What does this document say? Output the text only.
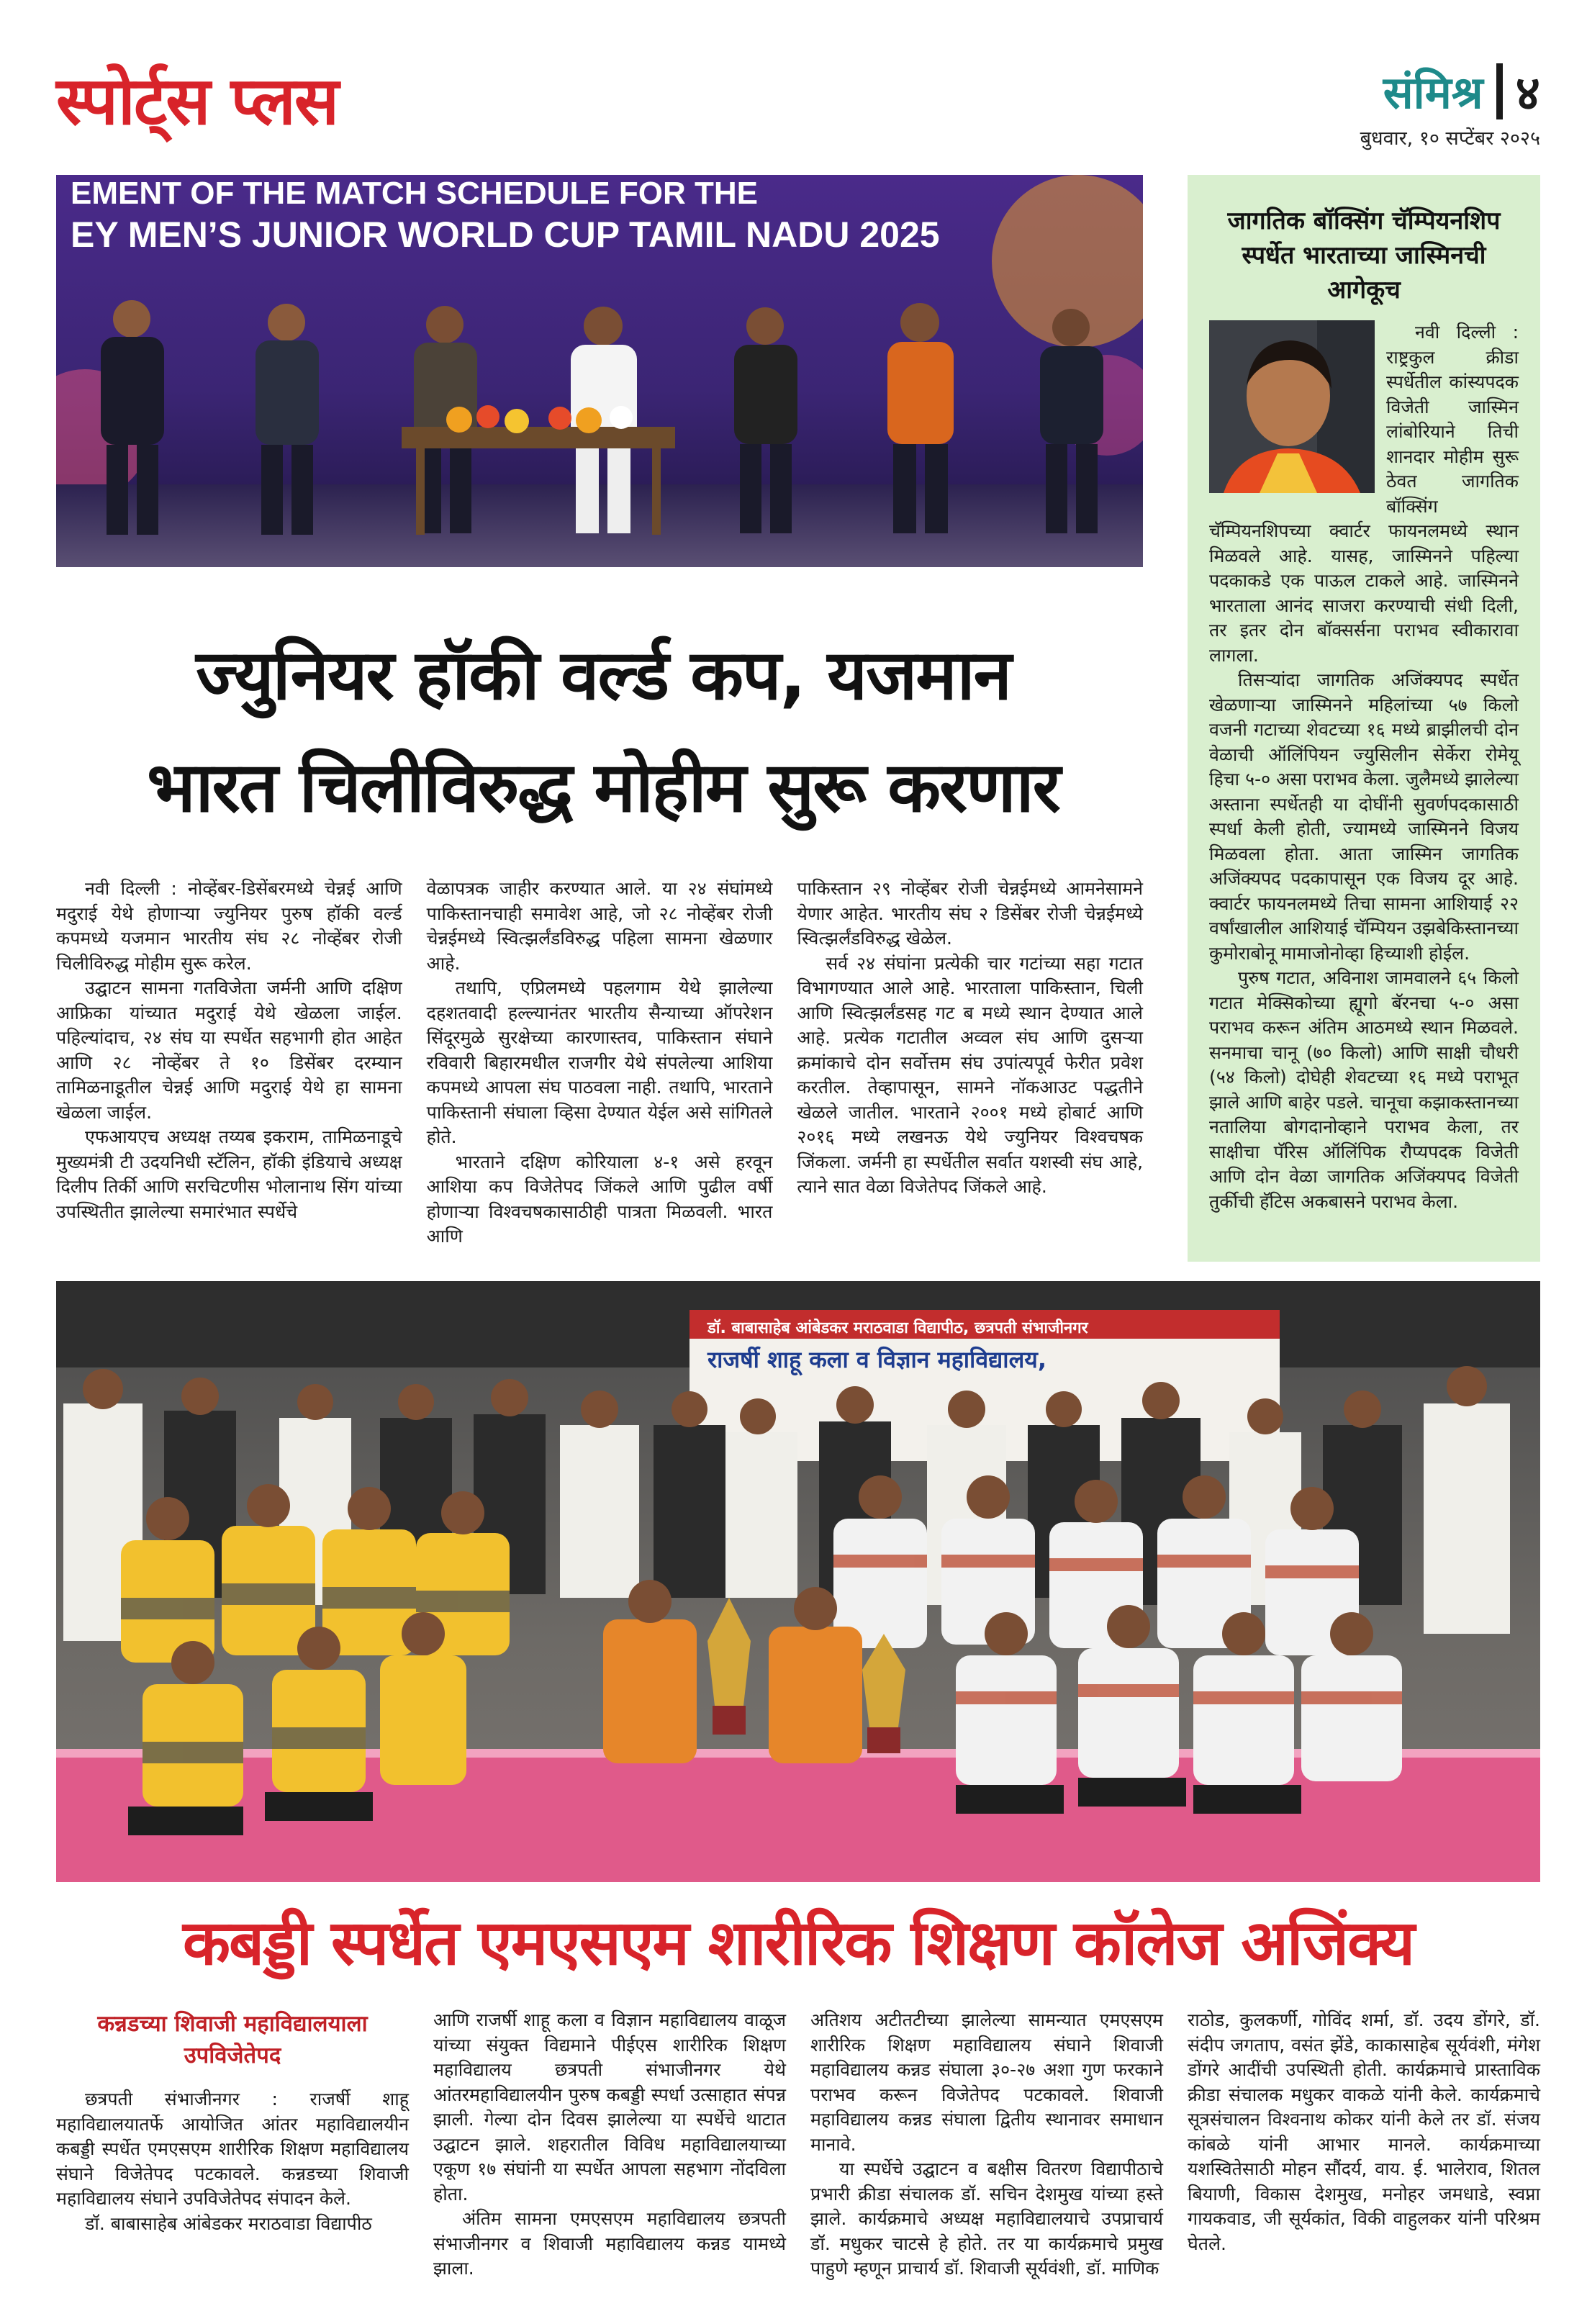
स्पोर्ट्स प्लस	संमिश्र ४
बुधवार, १० सप्टेंबर २०२५
EMENT OF THE MATCH SCHEDULE FOR THE
EY MEN’S JUNIOR WORLD CUP TAMIL NADU 2025	जागतिक बॉक्सिंग चॅम्पियनशिप स्पर्धेत भारताच्या जास्मिनची आगेकूच

नवी दिल्ली : राष्ट्रकुल क्रीडा स्पर्धेतील कांस्यपदक विजेती जास्मिन लांबोरियाने तिची शानदार मोहीम सुरू ठेवत जागतिक बॉक्सिंग चॅम्पियनशिपच्या क्वार्टर फायनलमध्ये स्थान मिळवले आहे. यासह, जास्मिनने पहिल्या पदकाकडे एक पाऊल टाकले आहे. जास्मिनने भारताला आनंद साजरा करण्याची संधी दिली, तर इतर दोन बॉक्सर्सना पराभव स्वीकारावा लागला.

तिसऱ्यांदा जागतिक अजिंक्यपद स्पर्धेत खेळणाऱ्या जास्मिनने महिलांच्या ५७ किलो वजनी गटाच्या शेवटच्या १६ मध्ये ब्राझीलची दोन वेळाची ऑलिंपियन ज्युसिलीन सेर्केरा रोमेयू हिचा ५-० असा पराभव केला. जुलैमध्ये झालेल्या अस्ताना स्पर्धेतही या दोघींनी सुवर्णपदकासाठी स्पर्धा केली होती, ज्यामध्ये जास्मिनने विजय मिळवला होता. आता जास्मिन जागतिक अजिंक्यपद पदकापासून एक विजय दूर आहे. क्वार्टर फायनलमध्ये तिचा सामना आशियाई २२ वर्षांखालील आशियाई चॅम्पियन उझबेकिस्तानच्या कुमोराबोनू मामाजोनोव्हा हिच्याशी होईल.

पुरुष गटात, अविनाश जामवालने ६५ किलो गटात मेक्सिकोच्या ह्यूगो बॅरनचा ५-० असा पराभव करून अंतिम आठमध्ये स्थान मिळवले. सनमाचा चानू (७० किलो) आणि साक्षी चौधरी (५४ किलो) दोघेही शेवटच्या १६ मध्ये पराभूत झाले आणि बाहेर पडले. चानूचा कझाकस्तानच्या नतालिया बोगदानोव्हाने पराभव केला, तर साक्षीचा पॅरिस ऑलिंपिक रौप्यपदक विजेती आणि दोन वेळा जागतिक अजिंक्यपद विजेती तुर्कीची हॅटिस अकबासने पराभव केला.

ज्युनियर हॉकी वर्ल्ड कप, यजमान
भारत चिलीविरुद्ध मोहीम सुरू करणार

नवी दिल्ली : नोव्हेंबर-डिसेंबरमध्ये चेन्नई आणि मदुराई येथे होणाऱ्या ज्युनियर पुरुष हॉकी वर्ल्ड कपमध्ये यजमान भारतीय संघ २८ नोव्हेंबर रोजी चिलीविरुद्ध मोहीम सुरू करेल.

उद्घाटन सामना गतविजेता जर्मनी आणि दक्षिण आफ्रिका यांच्यात मदुराई येथे खेळला जाईल. पहिल्यांदाच, २४ संघ या स्पर्धेत सहभागी होत आहेत आणि २८ नोव्हेंबर ते १० डिसेंबर दरम्यान तामिळनाडूतील चेन्नई आणि मदुराई येथे हा सामना खेळला जाईल.

एफआयएच अध्यक्ष तय्यब इकराम, तामिळनाडूचे मुख्यमंत्री टी उदयनिधी स्टॅलिन, हॉकी इंडियाचे अध्यक्ष दिलीप तिर्की आणि सरचिटणीस भोलानाथ सिंग यांच्या उपस्थितीत झालेल्या समारंभात स्पर्धेचे

वेळापत्रक जाहीर करण्यात आले. या २४ संघांमध्ये पाकिस्तानचाही समावेश आहे, जो २८ नोव्हेंबर रोजी चेन्नईमध्ये स्वित्झर्लंडविरुद्ध पहिला सामना खेळणार आहे.

तथापि, एप्रिलमध्ये पहलगाम येथे झालेल्या दहशतवादी हल्ल्यानंतर भारतीय सैन्याच्या ऑपरेशन सिंदूरमुळे सुरक्षेच्या कारणास्तव, पाकिस्तान संघाने रविवारी बिहारमधील राजगीर येथे संपलेल्या आशिया कपमध्ये आपला संघ पाठवला नाही. तथापि, भारताने पाकिस्तानी संघाला व्हिसा देण्यात येईल असे सांगितले होते.

भारताने दक्षिण कोरियाला ४-१ असे हरवून आशिया कप विजेतेपद जिंकले आणि पुढील वर्षी होणाऱ्या विश्वचषकासाठीही पात्रता मिळवली. भारत आणि

पाकिस्तान २९ नोव्हेंबर रोजी चेन्नईमध्ये आमनेसामने येणार आहेत. भारतीय संघ २ डिसेंबर रोजी चेन्नईमध्ये स्वित्झर्लंडविरुद्ध खेळेल.

सर्व २४ संघांना प्रत्येकी चार गटांच्या सहा गटात विभागण्यात आले आहे. भारताला पाकिस्तान, चिली आणि स्वित्झर्लंडसह गट ब मध्ये स्थान देण्यात आले आहे. प्रत्येक गटातील अव्वल संघ आणि दुसऱ्या क्रमांकाचे दोन सर्वोत्तम संघ उपांत्यपूर्व फेरीत प्रवेश करतील. तेव्हापासून, सामने नॉकआउट पद्धतीने खेळले जातील. भारताने २००१ मध्ये होबार्ट आणि २०१६ मध्ये लखनऊ येथे ज्युनियर विश्वचषक जिंकला. जर्मनी हा स्पर्धेतील सर्वात यशस्वी संघ आहे, त्याने सात वेळा विजेतेपद जिंकले आहे.

डॉ. बाबासाहेब आंबेडकर मराठवाडा विद्यापीठ, छत्रपती संभाजीनगर
राजर्षी शाहू कला व विज्ञान महाविद्यालय,
कबड्डी स्पर्धेत एमएसएम शारीरिक शिक्षण कॉलेज अजिंक्य
कन्नडच्या शिवाजी महाविद्यालयाला उपविजेतेपद

छत्रपती संभाजीनगर : राजर्षी शाहू महाविद्यालयातर्फे आयोजित आंतर महाविद्यालयीन कबड्डी स्पर्धेत एमएसएम शारीरिक शिक्षण महाविद्यालय संघाने विजेतेपद पटकावले. कन्नडच्या शिवाजी महाविद्यालय संघाने उपविजेतेपद संपादन केले.

डॉ. बाबासाहेब आंबेडकर मराठवाडा विद्यापीठ

आणि राजर्षी शाहू कला व विज्ञान महाविद्यालय वाळूज यांच्या संयुक्त विद्यमाने पीईएस शारीरिक शिक्षण महाविद्यालय छत्रपती संभाजीनगर येथे आंतरमहाविद्यालयीन पुरुष कबड्डी स्पर्धा उत्साहात संपन्न झाली. गेल्या दोन दिवस झालेल्या या स्पर्धेचे थाटात उद्घाटन झाले. शहरातील विविध महाविद्यालयाच्या एकूण १७ संघांनी या स्पर्धेत आपला सहभाग नोंदविला होता.

अंतिम सामना एमएसएम महाविद्यालय छत्रपती संभाजीनगर व शिवाजी महाविद्यालय कन्नड यामध्ये झाला.

अतिशय अटीतटीच्या झालेल्या सामन्यात एमएसएम शारीरिक शिक्षण महाविद्यालय संघाने शिवाजी महाविद्यालय कन्नड संघाला ३०-२७ अशा गुण फरकाने पराभव करून विजेतेपद पटकावले. शिवाजी महाविद्यालय कन्नड संघाला द्वितीय स्थानावर समाधान मानावे.

या स्पर्धेचे उद्घाटन व बक्षीस वितरण विद्यापीठाचे प्रभारी क्रीडा संचालक डॉ. सचिन देशमुख यांच्या हस्ते झाले. कार्यक्रमाचे अध्यक्ष महाविद्यालयाचे उपप्राचार्य डॉ. मधुकर चाटसे हे होते. तर या कार्यक्रमाचे प्रमुख पाहुणे म्हणून प्राचार्य डॉ. शिवाजी सूर्यवंशी, डॉ. माणिक

राठोड, कुलकर्णी, गोविंद शर्मा, डॉ. उदय डोंगरे, डॉ. संदीप जगताप, वसंत झेंडे, काकासाहेब सूर्यवंशी, मंगेश डोंगरे आदींची उपस्थिती होती. कार्यक्रमाचे प्रास्ताविक क्रीडा संचालक मधुकर वाकळे यांनी केले. कार्यक्रमाचे सूत्रसंचालन विश्वनाथ कोकर यांनी केले तर डॉ. संजय कांबळे यांनी आभार मानले. कार्यक्रमाच्या यशस्वितेसाठी मोहन सौंदर्य, वाय. ई. भालेराव, शितल बियाणी, विकास देशमुख, मनोहर जमधाडे, स्वप्ना गायकवाड, जी सूर्यकांत, विकी वाहुलकर यांनी परिश्रम घेतले.
